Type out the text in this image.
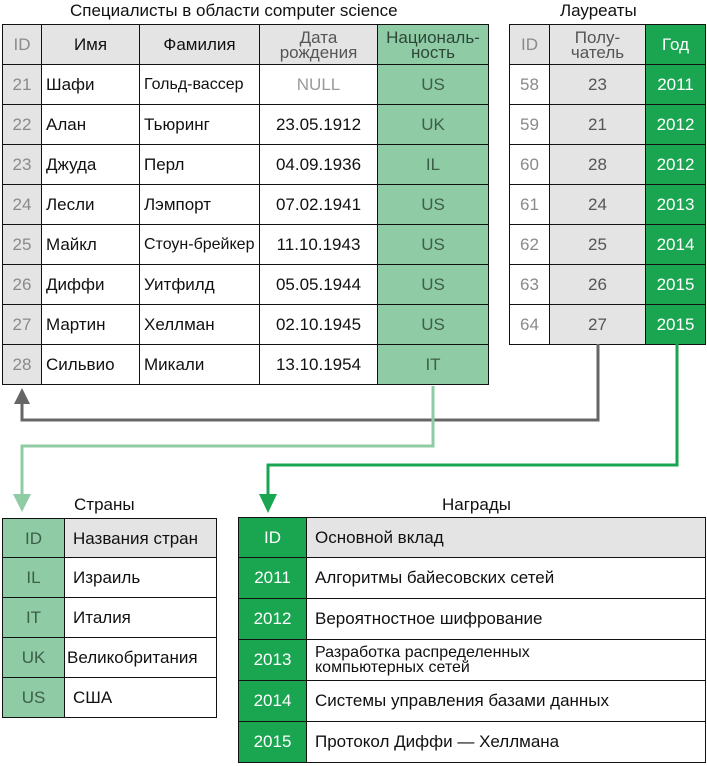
Специалисты в области computer science	Лауреаты
Страны	Награды
ID	Имя	Фамилия	Дата рождения	Националь-ность
21	Шафи	Гольд-вассер	NULL	US
22	Алан	Тьюринг	23.05.1912	UK
23	Джуда	Перл	04.09.1936	IL
24	Лесли	Лэмпорт	07.02.1941	US
25	Майкл	Стоун-брейкер	11.10.1943	US
26	Диффи	Уитфилд	05.05.1944	US
27	Мартин	Хеллман	02.10.1945	US
28	Сильвио	Микали	13.10.1954	IT
ID	Полу-чатель	Год
58	23	2011
59	21	2012
60	28	2012
61	24	2013
62	25	2014
63	26	2015
64	27	2015
ID	Названия стран
IL	Израиль
IT	Италия
UK	Великобритания
US	США
ID	Основной вклад
2011	Алгоритмы байесовских сетей
2012	Вероятностное шифрование
2013	Разработка распределенных компьютерных сетей
2014	Системы управления базами данных
2015	Протокол Диффи — Хеллмана
